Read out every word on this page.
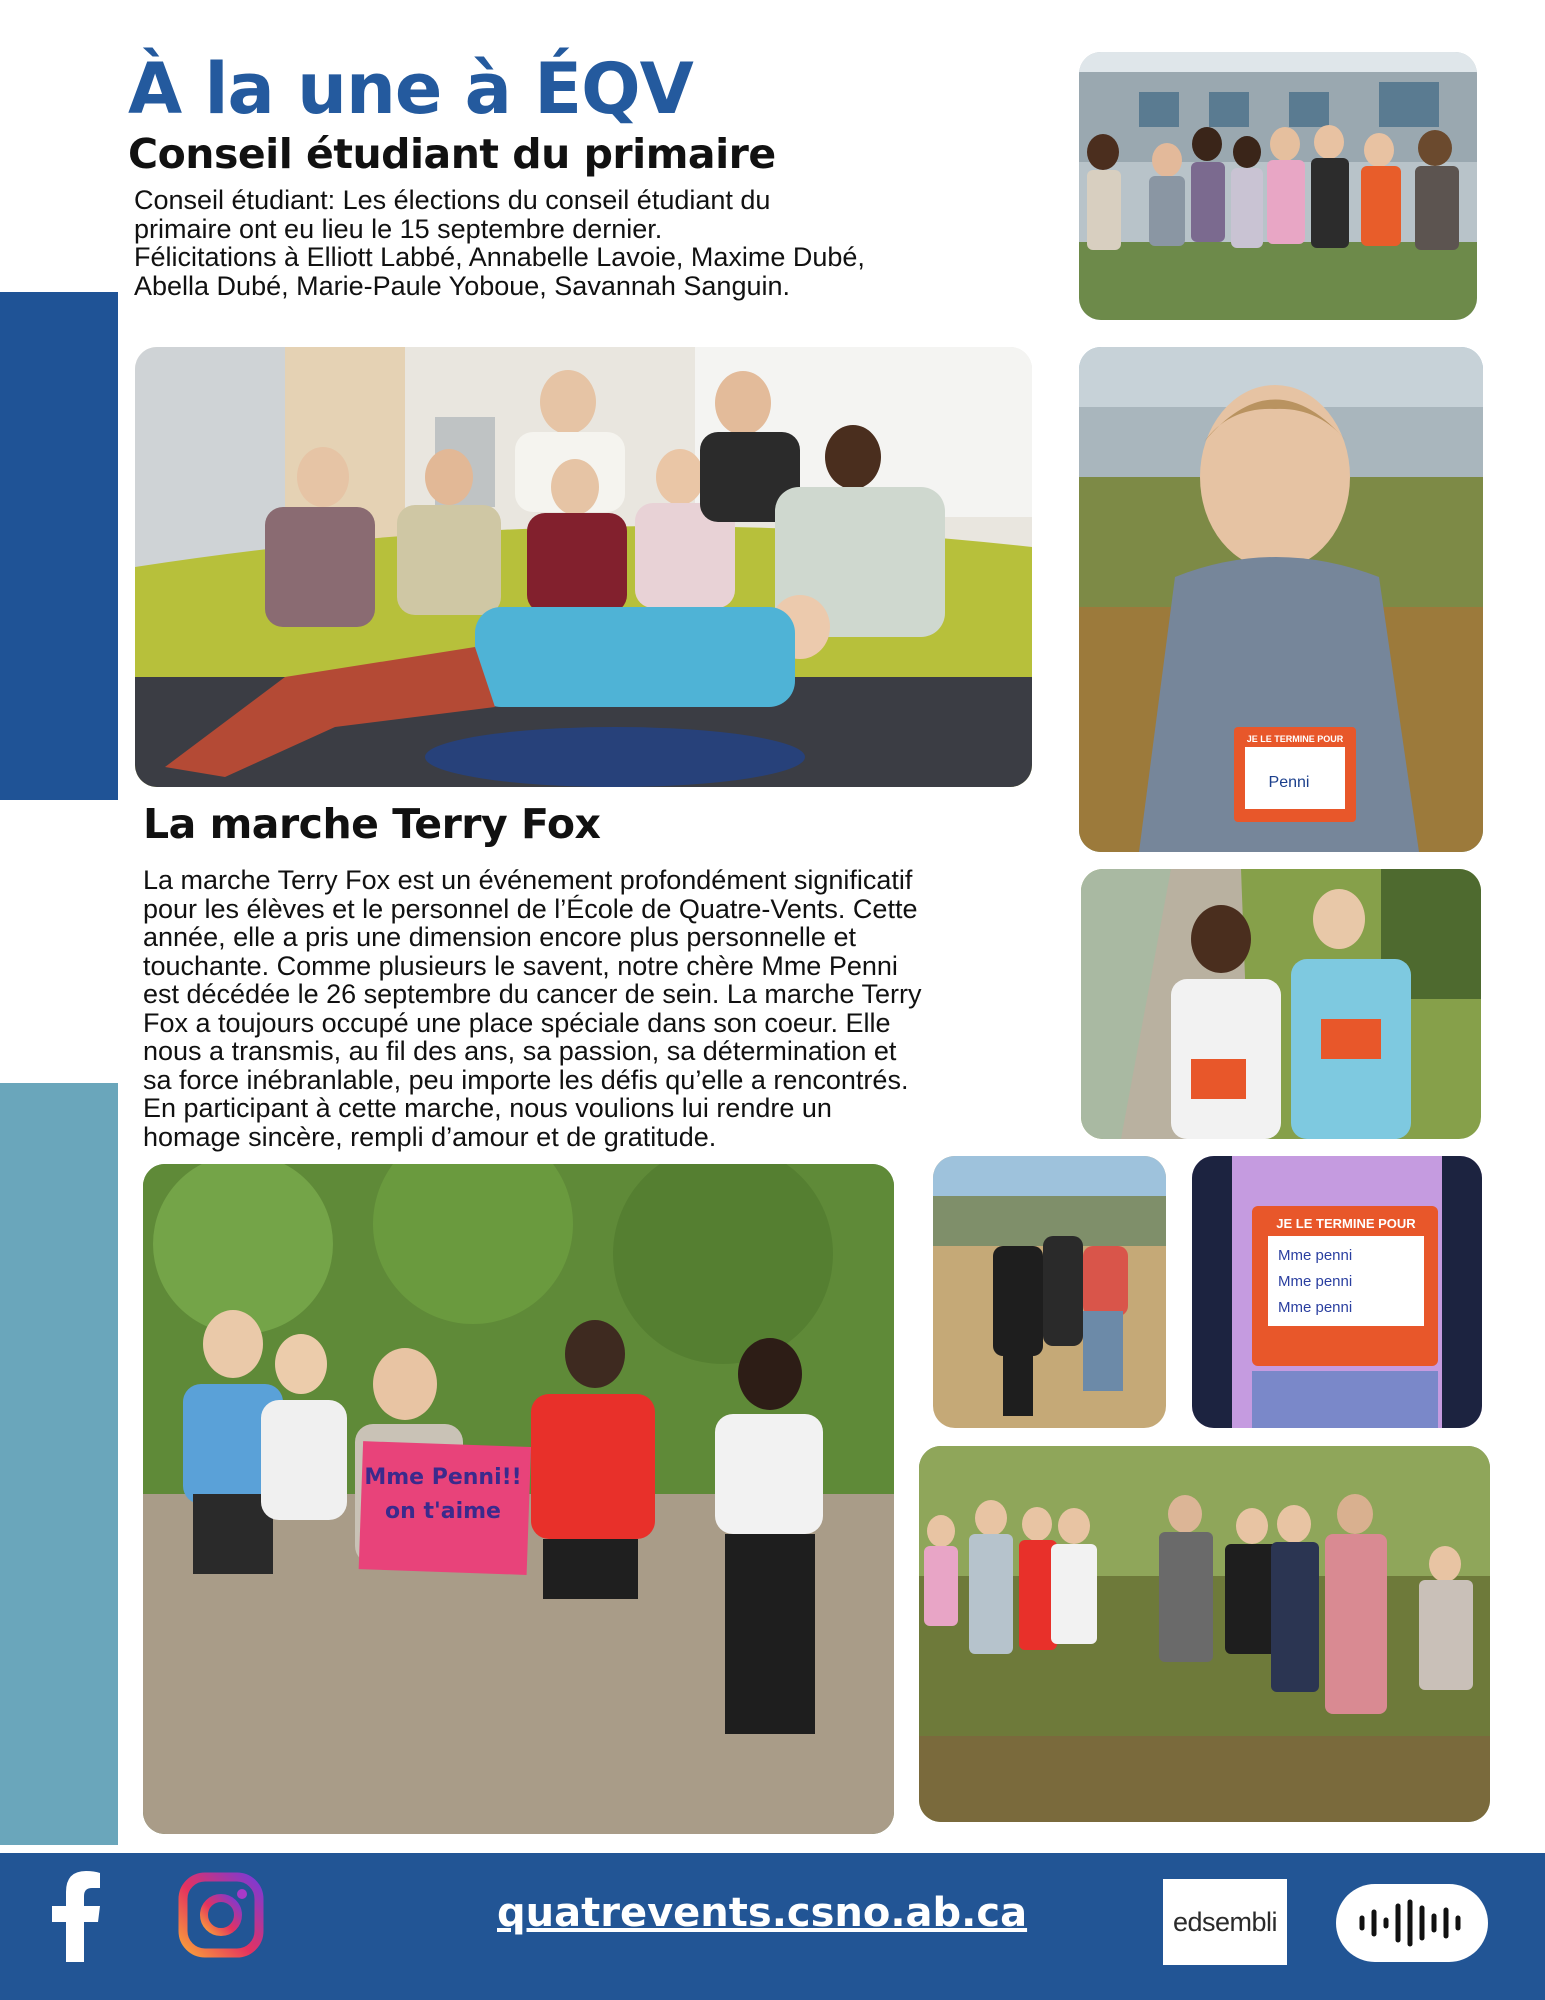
À la une à ÉQV
Conseil étudiant du primaire
Conseil étudiant: Les élections du conseil étudiant du
primaire ont eu lieu le 15 septembre dernier.
Félicitations à Elliott Labbé, Annabelle Lavoie, Maxime Dubé,
Abella Dubé, Marie-Paule Yoboue, Savannah Sanguin.
JE LE TERMINE POUR
Penni
La marche Terry Fox
La marche Terry Fox est un événement profondément significatif
pour les élèves et le personnel de l’École de Quatre-Vents. Cette
année, elle a pris une dimension encore plus personnelle et
touchante. Comme plusieurs le savent, notre chère Mme Penni
est décédée le 26 septembre du cancer de sein. La marche Terry
Fox a toujours occupé une place spéciale dans son coeur. Elle
nous a transmis, au fil des ans, sa passion, sa détermination et
sa force inébranlable, peu importe les défis qu’elle a rencontrés.
En participant à cette marche, nous voulions lui rendre un
homage sincère, rempli d’amour et de gratitude.
Mme Penni!!
on t'aime
JE LE TERMINE POUR
Mme penni
Mme penni
Mme penni
quatrevents.csno.ab.ca	edsembli
